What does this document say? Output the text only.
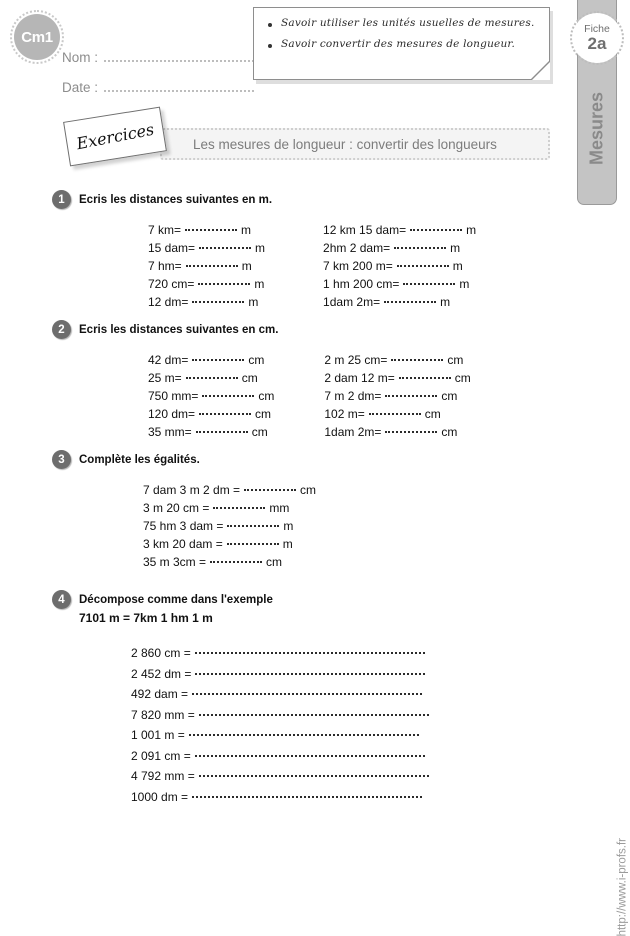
Cm1
Nom :
Date :
Savoir utiliser les unités usuelles de mesures.
Savoir convertir des mesures de longueur.
Exercices	Les mesures de longueur : convertir des longueurs
1	Ecris les distances suivantes en m.
7 km=	m
15 dam=	m
7 hm=	m
720 cm=	m
12 dm=	m
12 km 15 dam=	m
2hm 2 dam=	m
7 km 200 m=	m
1 hm 200 cm=	m
1dam 2m=	m
2	Ecris les distances suivantes en cm.
42 dm=	cm
25 m=	cm
750 mm=	cm
120 dm=	cm
35 mm=	cm
2 m 25 cm=	cm
2 dam 12 m=	cm
7 m 2 dm=	cm
102 m=	cm
1dam 2m=	cm
3	Complète les égalités.
7 dam 3 m 2 dm =	cm
3 m 20 cm =	mm
75 hm 3 dam =	m
3 km 20 dam =	m
35 m 3cm =	cm
4	Décompose comme dans l'exemple
7101 m = 7km 1 hm 1 m
2 860 cm =
2 452 dm =
492 dam =
7 820 mm =
1 001 m =
2 091 cm =
4 792 mm =
1000 dm =
Mesures
Fiche
2a
http://www.i-profs.fr
